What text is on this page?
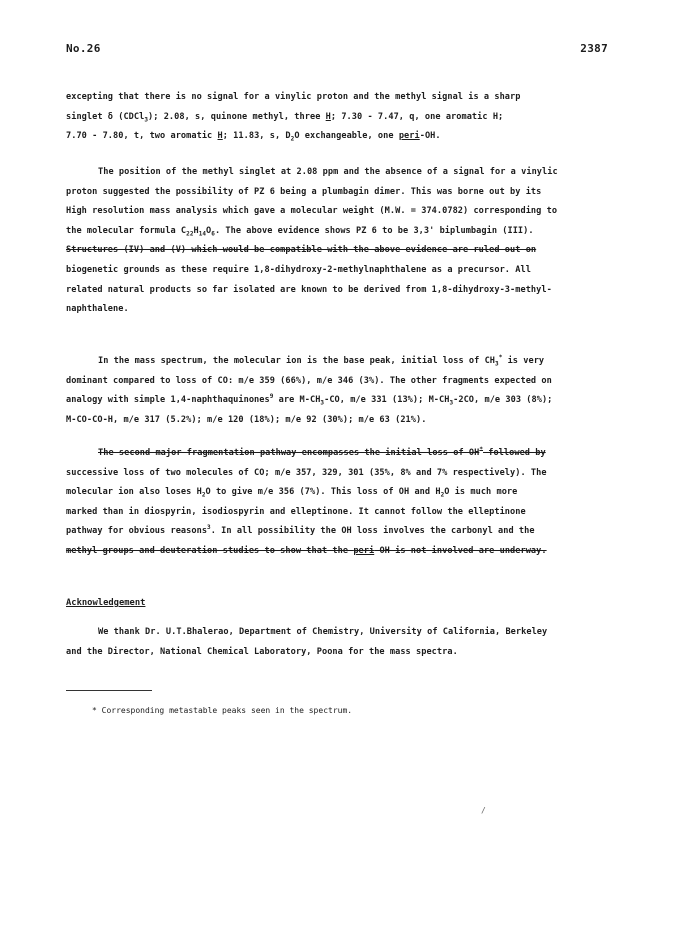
No.26	2387
excepting that there is no signal for a vinylic proton and the methyl signal is a sharp
singlet δ (CDCl$_3$); 2.08, s, quinone methyl, three H; 7.30 - 7.47, q, one aromatic H;
7.70 - 7.80, t, two aromatic H; 11.83, s, $D_2O$ exchangeable, one peri-OH.
The position of the methyl singlet at 2.08 ppm and the absence of a signal for a vinylic
proton suggested the possibility of PZ 6 being a plumbagin dimer. This was borne out by its
High resolution mass analysis which gave a molecular weight (M.W. = 374.0782) corresponding to
the molecular formula $C_{22}H_{14}O_6$. The above evidence shows PZ 6 to be 3,3' biplumbagin (III).
Structures (IV) and (V) which would be compatible with the above evidence are ruled out on
biogenetic grounds as these require 1,8-dihydroxy-2-methylnaphthalene as a precursor. All
related natural products so far isolated are known to be derived from 1,8-dihydroxy-3-methyl-
naphthalene.
In the mass spectrum, the molecular ion is the base peak, initial loss of $CH_3^*$ is very
dominant compared to loss of CO: m/e 359 (66%), m/e 346 (3%). The other fragments expected on
analogy with simple 1,4-naphthaquinones$^9$ are $M-CH_3-CO$, m/e 331 (13%); $M-CH_3-2CO$, m/e 303 (8%);
M-CO-CO-H, m/e 317 (5.2%); m/e 120 (18%); m/e 92 (30%); m/e 63 (21%).
The second major fragmentation pathway encompasses the initial loss of OH* followed by
successive loss of two molecules of CO; m/e 357, 329, 301 (35%, 8% and 7% respectively). The
molecular ion also loses $H_2O$ to give m/e 356 (7%). This loss of OH and $H_2O$ is much more
marked than in diospyrin, isodiospyrin and elleptinone. It cannot follow the elleptinone
pathway for obvious reasons$^3$. In all possibility the OH loss involves the carbonyl and the
methyl groups and deuteration studies to show that the peri OH is not involved are underway.
Acknowledgement
We thank Dr. U.T.Bhalerao, Department of Chemistry, University of California, Berkeley
and the Director, National Chemical Laboratory, Poona for the mass spectra.
* Corresponding metastable peaks seen in the spectrum.
/
